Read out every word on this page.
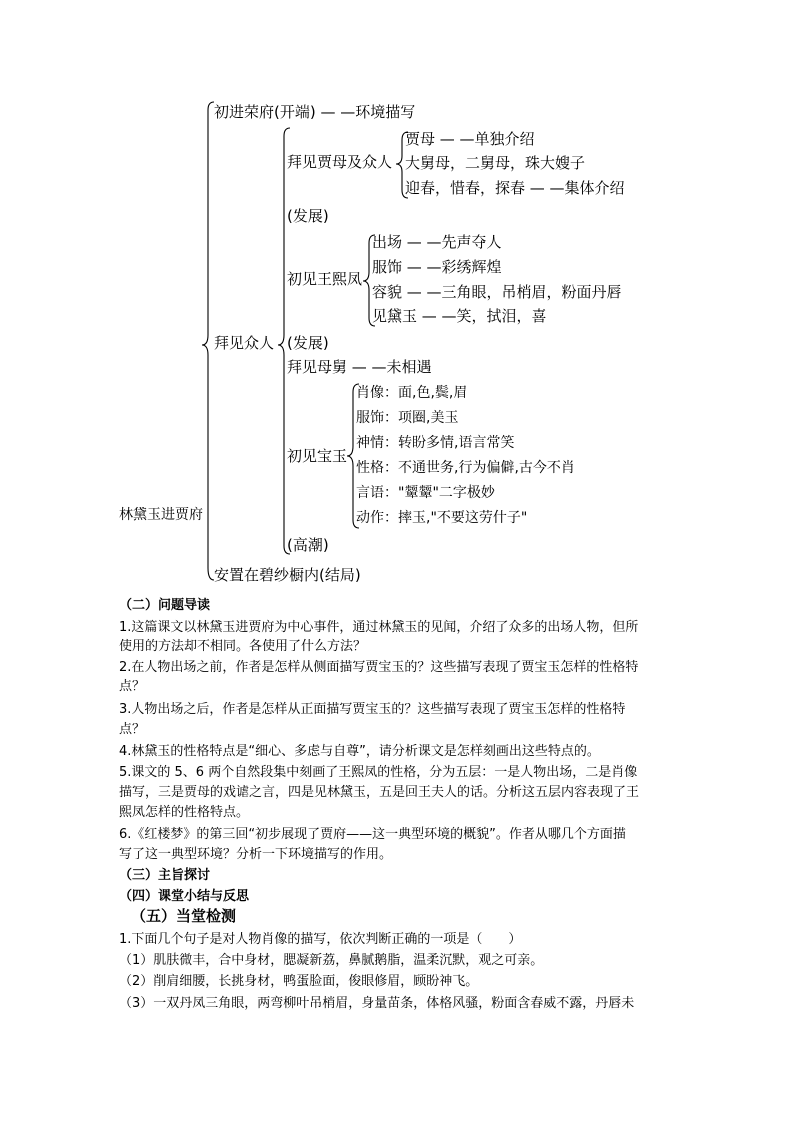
初进荣府(开端) — —环境描写
拜见贾母及众人
贾母 — —单独介绍
大舅母，二舅母，珠大嫂子
迎春，惜春，探春 — —集体介绍
(发展)
初见王熙凤
出场 — —先声夺人
服饰 — —彩绣辉煌
容貌 — —三角眼，吊梢眉，粉面丹唇
见黛玉 — —笑，拭泪，喜
(发展)
拜见众人
拜见母舅 — —未相遇
初见宝玉
肖像：面,色,鬓,眉
服饰：项圈,美玉
神情：转盼多情,语言常笑
性格：不通世务,行为偏僻,古今不肖
言语："颦颦"二字极妙
动作：摔玉,"不要这劳什子"
(高潮)
林黛玉进贾府
安置在碧纱橱内(结局)
（二）问题导读
1.这篇课文以林黛玉进贾府为中心事件，通过林黛玉的见闻，介绍了众多的出场人物，但所
使用的方法却不相同。各使用了什么方法？
2.在人物出场之前，作者是怎样从侧面描写贾宝玉的？这些描写表现了贾宝玉怎样的性格特
点？
3.人物出场之后，作者是怎样从正面描写贾宝玉的？这些描写表现了贾宝玉怎样的性格特
点？
4.林黛玉的性格特点是“细心、多虑与自尊”，请分析课文是怎样刻画出这些特点的。
5.课文的 5、6 两个自然段集中刻画了王熙凤的性格，分为五层：一是人物出场，二是肖像
描写，三是贾母的戏谑之言，四是见林黛玉，五是回王夫人的话。分析这五层内容表现了王
熙凤怎样的性格特点。
6.《红楼梦》的第三回“初步展现了贾府——这一典型环境的概貌”。作者从哪几个方面描
写了这一典型环境？分析一下环境描写的作用。
（三）主旨探讨
（四）课堂小结与反思
（五）当堂检测
1.下面几个句子是对人物肖像的描写，依次判断正确的一项是（　　）
（1）肌肤微丰，合中身材，腮凝新荔，鼻腻鹅脂，温柔沉默，观之可亲。
（2）削肩细腰，长挑身材，鸭蛋脸面，俊眼修眉，顾盼神飞。
（3）一双丹凤三角眼，两弯柳叶吊梢眉，身量苗条，体格风骚，粉面含春威不露，丹唇未
